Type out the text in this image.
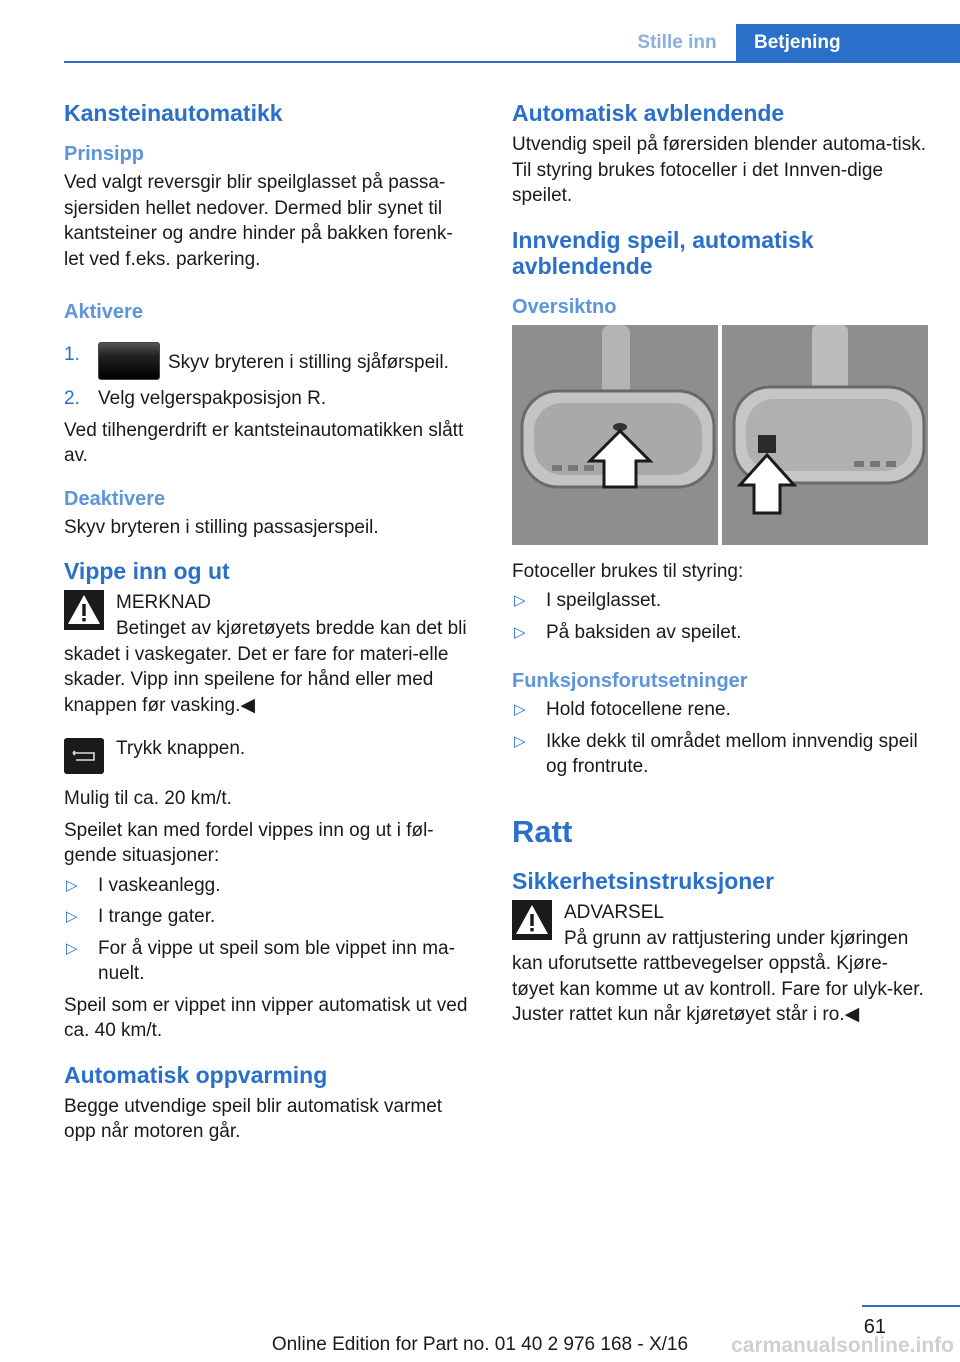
Stille inn	Betjening
Kansteinautomatikk
Prinsipp

Ved valgt reversgir blir speilglasset på passa‐sjersiden hellet nedover. Dermed blir synet til kantsteiner og andre hinder på bakken forenk‐let ved f.eks. parkering.

Aktivere
1.	Skyv bryteren i stilling sjåførspeil.
2. Velg velgerspakposisjon R.

Ved tilhengerdrift er kantsteinautomatikken slått av.

Deaktivere

Skyv bryteren i stilling passasjerspeil.

Vippe inn og ut
MERKNAD

Betinget av kjøretøyets bredde kan det bli skadet i vaskegater. Det er fare for materi‐elle skader. Vipp inn speilene for hånd eller med knappen før vasking.◀

Trykk knappen.

Mulig til ca. 20 km/t.

Speilet kan med fordel vippes inn og ut i føl‐gende situasjoner:

▷ I vaskeanlegg.
▷ I trange gater.
▷ For å vippe ut speil som ble vippet inn ma‐nuelt.

Speil som er vippet inn vipper automatisk ut ved ca. 40 km/t.

Automatisk oppvarming

Begge utvendige speil blir automatisk varmet opp når motoren går.

Automatisk avblendende

Utvendig speil på førersiden blender automa‐tisk. Til styring brukes fotoceller i det Innven‐dige speilet.

Innvendig speil, automatisk avblendende
Oversiktno

Fotoceller brukes til styring:

▷ I speilglasset.
▷ På baksiden av speilet.
Funksjonsforutsetninger
▷ Hold fotocellene rene.
▷ Ikke dekk til området mellom innvendig speil og frontrute.
Ratt
Sikkerhetsinstruksjoner
ADVARSEL

På grunn av rattjustering under kjøringen kan uforutsette rattbevegelser oppstå. Kjøre‐tøyet kan komme ut av kontroll. Fare for ulyk‐ker. Juster rattet kun når kjøretøyet står i ro.◀

61
Online Edition for Part no. 01 40 2 976 168 - X/16	carmanualsonline.info
